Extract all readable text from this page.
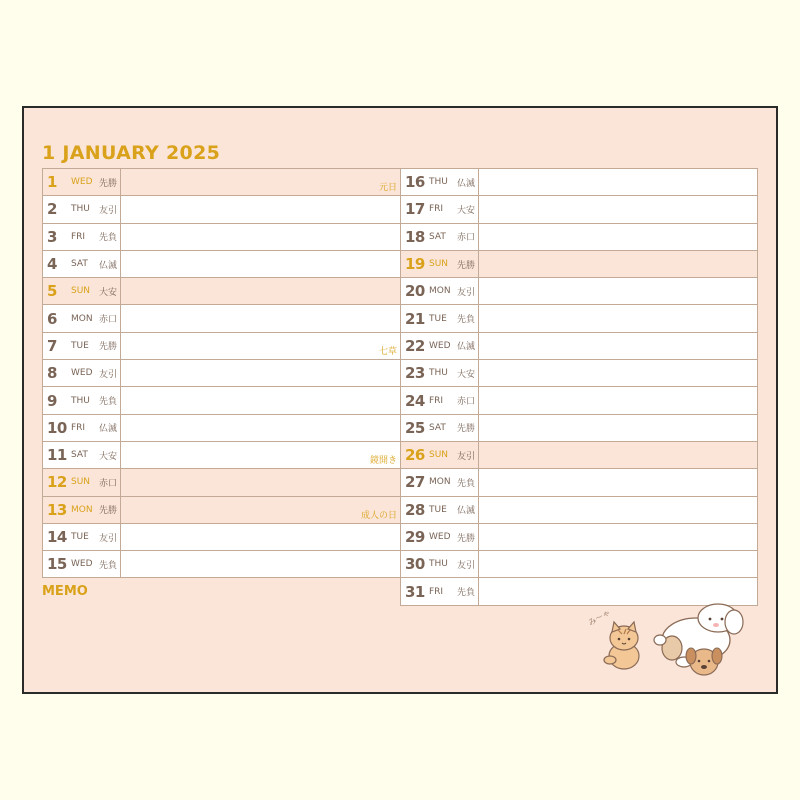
1 JANUARY 2025
1	WED 先勝	元日
2	THU	友引
3	FRI	先負
4	SAT	仏滅
5	SUN 大安
6	MON 赤口
7	TUE	先勝	七草
8	WED 友引
9	THU	先負
10 FRI	仏滅
11 SAT	大安	鏡開き
12 SUN 赤口
13 MON 先勝	成人の日
14 TUE	友引
15 WED 先負
16 THU	仏滅
17 FRI	大安
18 SAT	赤口
19 SUN 先勝
20 MON 友引
21 TUE	先負
22 WED 仏滅
23 THU	大安
24 FRI	赤口
25 SAT	先勝
26 SUN 友引
27 MON 先負
28 TUE	仏滅
29 WED 先勝
30 THU	友引
31 FRI	先負
MEMO
み〜ゃ
